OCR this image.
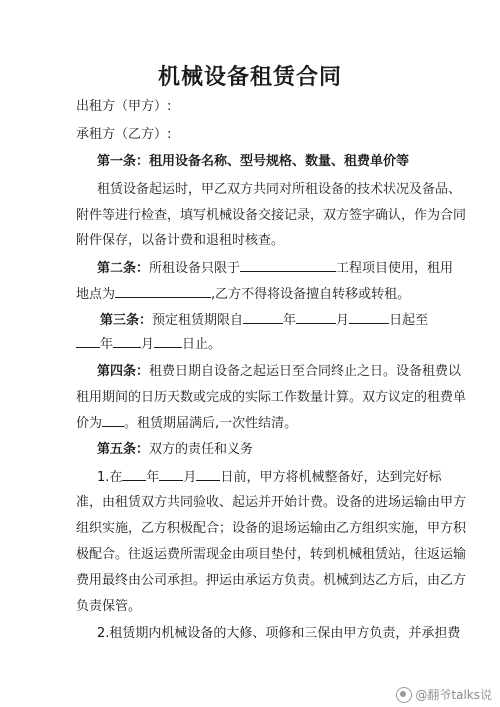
机械设备租赁合同
出租方（甲方）:
承租方（乙方）:
第一条：租用设备名称、型号规格、数量、租费单价等
租赁设备起运时，甲乙双方共同对所租设备的技术状况及备品、
附件等进行检查，填写机械设备交接记录，双方签字确认，作为合同
附件保存，以备计费和退租时核查。
第二条：所租设备只限于	工程项目使用，租用
地点为	,乙方不得将设备擅自转移或转租。
第三条：预定租赁期限自	年	月	日起至
年 月 日止。
第四条：租费日期自设备之起运日至合同终止之日。设备租费以
租用期间的日历天数或完成的实际工作数量计算。双方议定的租费单
价为 。租赁期届满后,一次性结清。
第五条：双方的责任和义务
1.在 年 月 日前，甲方将机械整备好，达到完好标
准，由租赁双方共同验收、起运并开始计费。设备的进场运输由甲方
组织实施，乙方积极配合；设备的退场运输由乙方组织实施，甲方积
极配合。往返运费所需现金由项目垫付，转到机械租赁站，往返运输
费用最终由公司承担。押运由承运方负责。机械到达乙方后，由乙方
负责保管。
2.租赁期内机械设备的大修、项修和三保由甲方负责，并承担费
@翻爷talks说
